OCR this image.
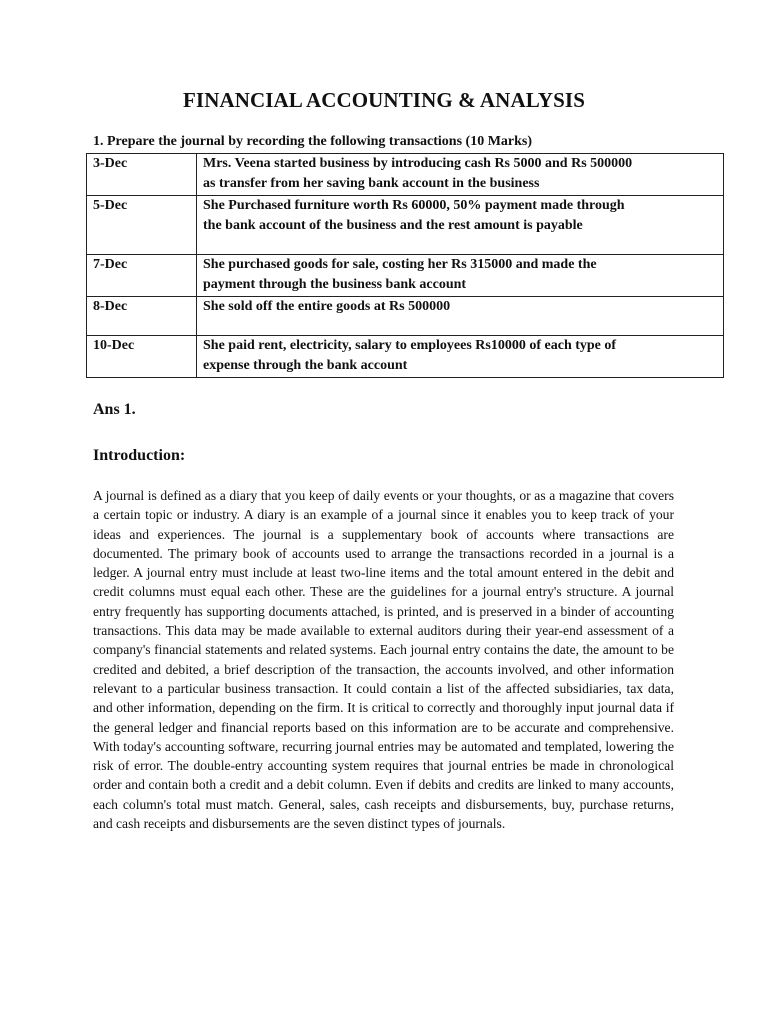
FINANCIAL ACCOUNTING & ANALYSIS

1. Prepare the journal by recording the following transactions (10 Marks)

3-Dec	Mrs. Veena started business by introducing cash Rs 5000 and Rs 500000 as transfer from her saving bank account in the business
5-Dec	She Purchased furniture worth Rs 60000, 50% payment made through the bank account of the business and the rest amount is payable
7-Dec	She purchased goods for sale, costing her Rs 315000 and made the payment through the business bank account
8-Dec	She sold off the entire goods at Rs 500000
10-Dec	She paid rent, electricity, salary to employees Rs10000 of each type of expense through the bank account
Ans 1.
Introduction:

A journal is defined as a diary that you keep of daily events or your thoughts, or as a magazine that covers a certain topic or industry. A diary is an example of a journal since it enables you to keep track of your ideas and experiences. The journal is a supplementary book of accounts where transactions are documented. The primary book of accounts used to arrange the transactions recorded in a journal is a ledger. A journal entry must include at least two-line items and the total amount entered in the debit and credit columns must equal each other. These are the guidelines for a journal entry's structure. A journal entry frequently has supporting documents attached, is printed, and is preserved in a binder of accounting transactions. This data may be made available to external auditors during their year-end assessment of a company's financial statements and related systems. Each journal entry contains the date, the amount to be credited and debited, a brief description of the transaction, the accounts involved, and other information relevant to a particular business transaction. It could contain a list of the affected subsidiaries, tax data, and other information, depending on the firm. It is critical to correctly and thoroughly input journal data if the general ledger and financial reports based on this information are to be accurate and comprehensive. With today's accounting software, recurring journal entries may be automated and templated, lowering the risk of error. The double-entry accounting system requires that journal entries be made in chronological order and contain both a credit and a debit column. Even if debits and credits are linked to many accounts, each column's total must match. General, sales, cash receipts and disbursements, buy, purchase returns, and cash receipts and disbursements are the seven distinct types of journals.
